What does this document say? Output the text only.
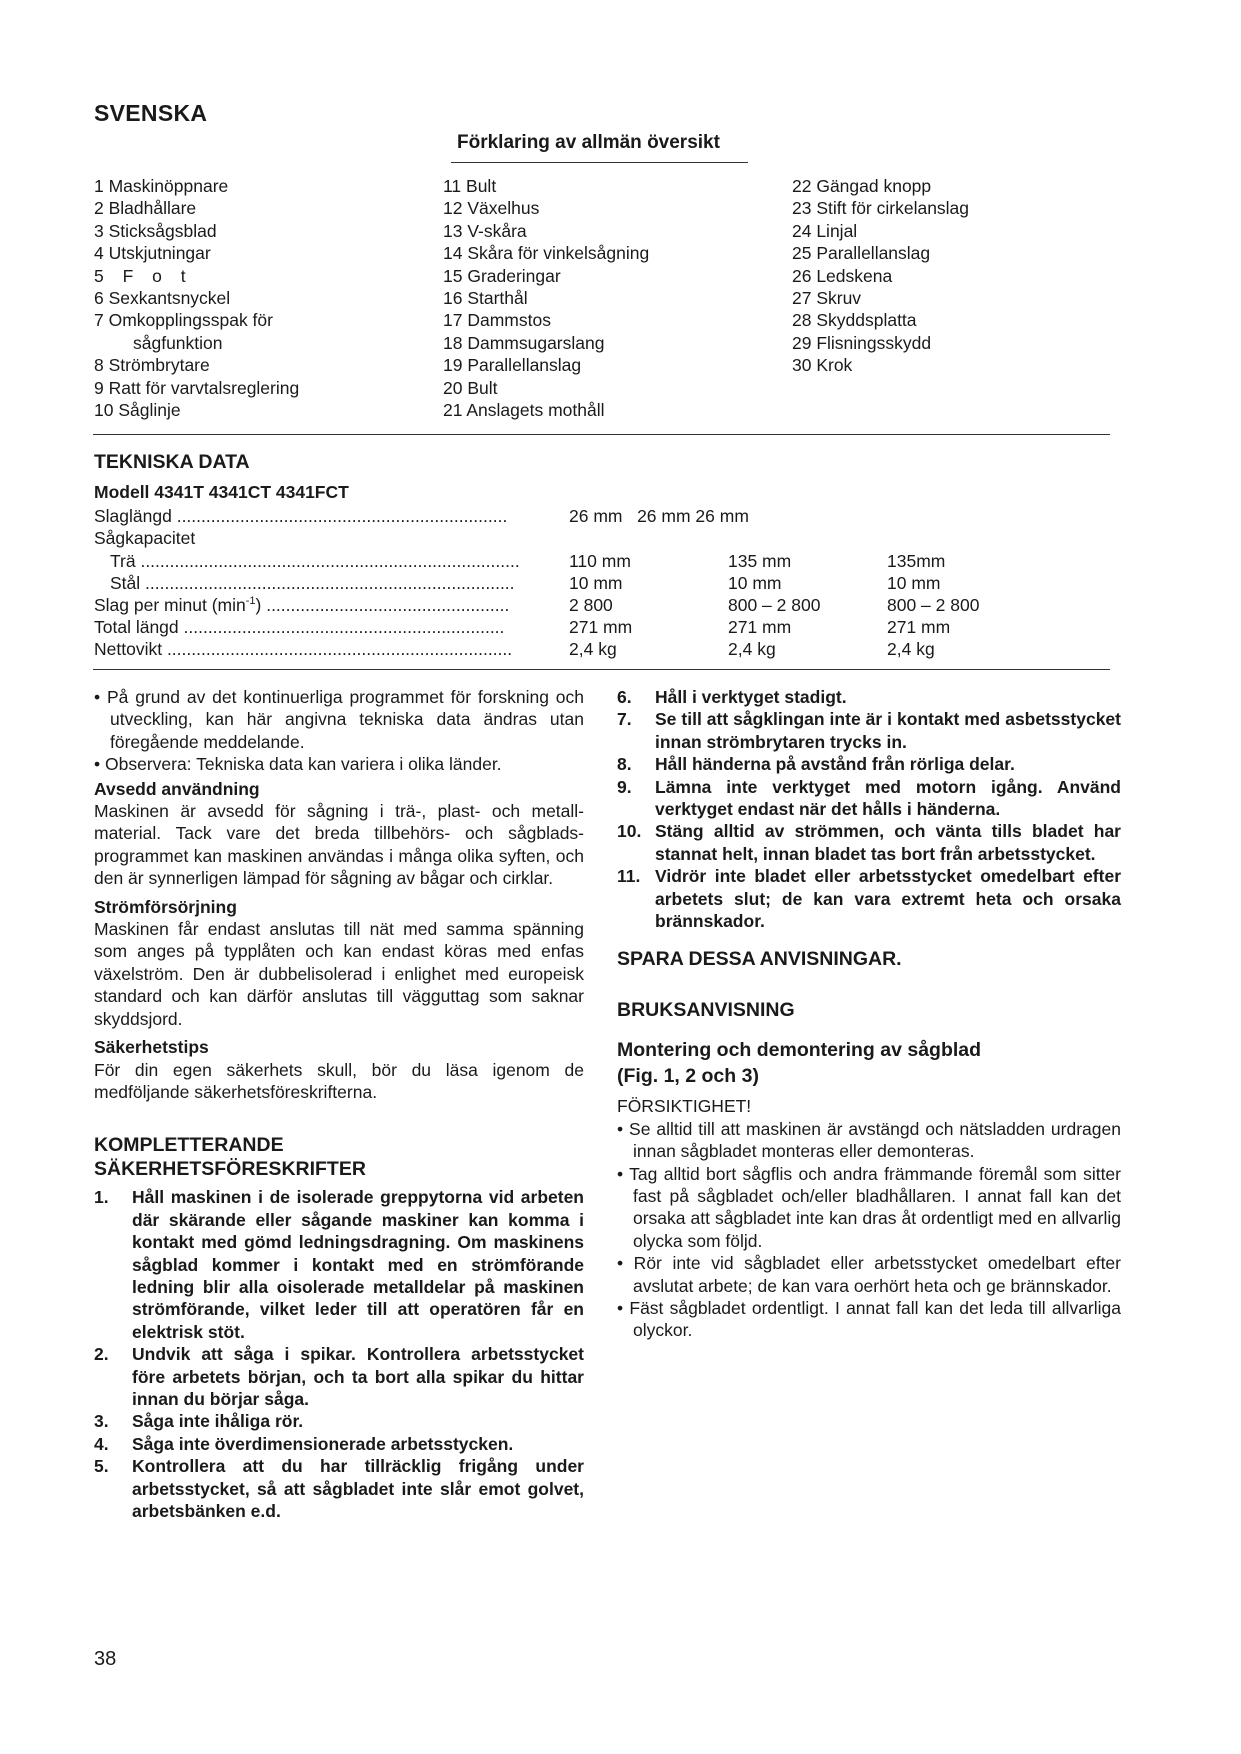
SVENSKA
Förklaring av allmän översikt
1 Maskinöppnare
2 Bladhållare
3 Sticksågsblad
4 Utskjutningar
5 F o t
6 Sexkantsnyckel
7 Omkopplingsspak för
sågfunktion
8 Strömbrytare
9 Ratt för varvtalsreglering
10 Såglinje
11 Bult
12 Växelhus
13 V-skåra
14 Skåra för vinkelsågning
15 Graderingar
16 Starthål
17 Dammstos
18 Dammsugarslang
19 Parallellanslag
20 Bult
21 Anslagets mothåll
22 Gängad knopp
23 Stift för cirkelanslag
24 Linjal
25 Parallellanslag
26 Ledskena
27 Skruv
28 Skyddsplatta
29 Flisningsskydd
30 Krok
TEKNISKA DATA
Modell 4341T 4341CT 4341FCT
Slaglängd ....................................................................	26 mm   26 mm 26 mm
Sågkapacitet
Trä ..............................................................................	110 mm	135 mm	135mm
Stål ............................................................................	10 mm	10 mm	10 mm
Slag per minut $(\min^{-1})$ ..................................................	2 800	800 – 2 800	800 – 2 800
Total längd ..................................................................	271 mm	271 mm	271 mm
Nettovikt .......................................................................	2,4 kg	2,4 kg	2,4 kg
• På grund av det kontinuerliga programmet för forskning och utveckling, kan här angivna tekniska data ändras utan föregående meddelande.
• Observera: Tekniska data kan variera i olika länder.
Avsedd användning
Maskinen är avsedd för sågning i trä-, plast- och metallmaterial. Tack vare det breda tillbehörs- och sågbladsprogrammet kan maskinen användas i många olika syften, och den är synnerligen lämpad för sågning av bågar och cirklar.
Strömförsörjning
Maskinen får endast anslutas till nät med samma spänning som anges på typplåten och kan endast köras med enfas växelström. Den är dubbelisolerad i enlighet med europeisk standard och kan därför anslutas till vägguttag som saknar skyddsjord.
Säkerhetstips
För din egen säkerhets skull, bör du läsa igenom de medföljande säkerhetsföreskrifterna.
KOMPLETTERANDE
SÄKERHETSFÖRESKRIFTER
1.	Håll maskinen i de isolerade greppytorna vid arbeten där skärande eller sågande maskiner kan komma i kontakt med gömd ledningsdragning. Om maskinens sågblad kommer i kontakt med en strömförande ledning blir alla oisolerade metalldelar på maskinen strömförande, vilket leder till att operatören får en elektrisk stöt.
2.	Undvik att såga i spikar. Kontrollera arbetsstycket före arbetets början, och ta bort alla spikar du hittar innan du börjar såga.
3.	Såga inte ihåliga rör.
4.	Såga inte överdimensionerade arbetsstycken.
5.	Kontrollera att du har tillräcklig frigång under arbetsstycket, så att sågbladet inte slår emot golvet, arbetsbänken e.d.
6.	Håll i verktyget stadigt.
7.	Se till att sågklingan inte är i kontakt med asbetsstycket innan strömbrytaren trycks in.
8.	Håll händerna på avstånd från rörliga delar.
9.	Lämna inte verktyget med motorn igång. Använd verktyget endast när det hålls i händerna.
10. Stäng alltid av strömmen, och vänta tills bladet har stannat helt, innan bladet tas bort från arbetsstycket.
11. Vidrör inte bladet eller arbetsstycket omedelbart efter arbetets slut; de kan vara extremt heta och orsaka brännskador.
SPARA DESSA ANVISNINGAR.
BRUKSANVISNING
Montering och demontering av sågblad
(Fig. 1, 2 och 3)
FÖRSIKTIGHET!
• Se alltid till att maskinen är avstängd och nätsladden urdragen innan sågbladet monteras eller demonteras.
• Tag alltid bort sågflis och andra främmande föremål som sitter fast på sågbladet och/eller bladhållaren. I annat fall kan det orsaka att sågbladet inte kan dras åt ordentligt med en allvarlig olycka som följd.
• Rör inte vid sågbladet eller arbetsstycket omedelbart efter avslutat arbete; de kan vara oerhört heta och ge brännskador.
• Fäst sågbladet ordentligt. I annat fall kan det leda till allvarliga olyckor.
38
